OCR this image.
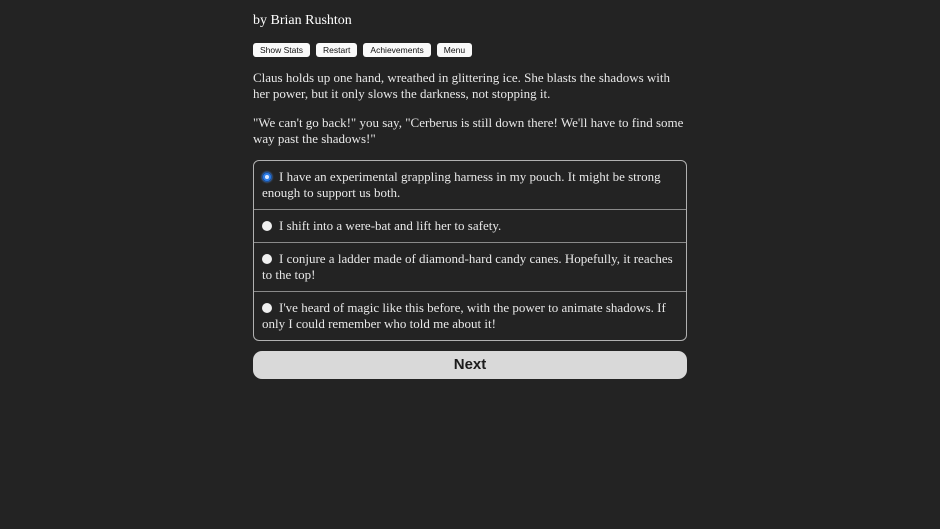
by Brian Rushton
Show Stats	Restart	Achievements	Menu

Claus holds up one hand, wreathed in glittering ice. She blasts the shadows with her power, but it only slows the darkness, not stopping it.

"We can't go back!" you say, "Cerberus is still down there! We'll have to find some way past the shadows!"

I have an experimental grappling harness in my pouch. It might be strong enough to support us both.
I shift into a were-bat and lift her to safety.
I conjure a ladder made of diamond-hard candy canes. Hopefully, it reaches to the top!
I've heard of magic like this before, with the power to animate shadows. If only I could remember who told me about it!
Next
